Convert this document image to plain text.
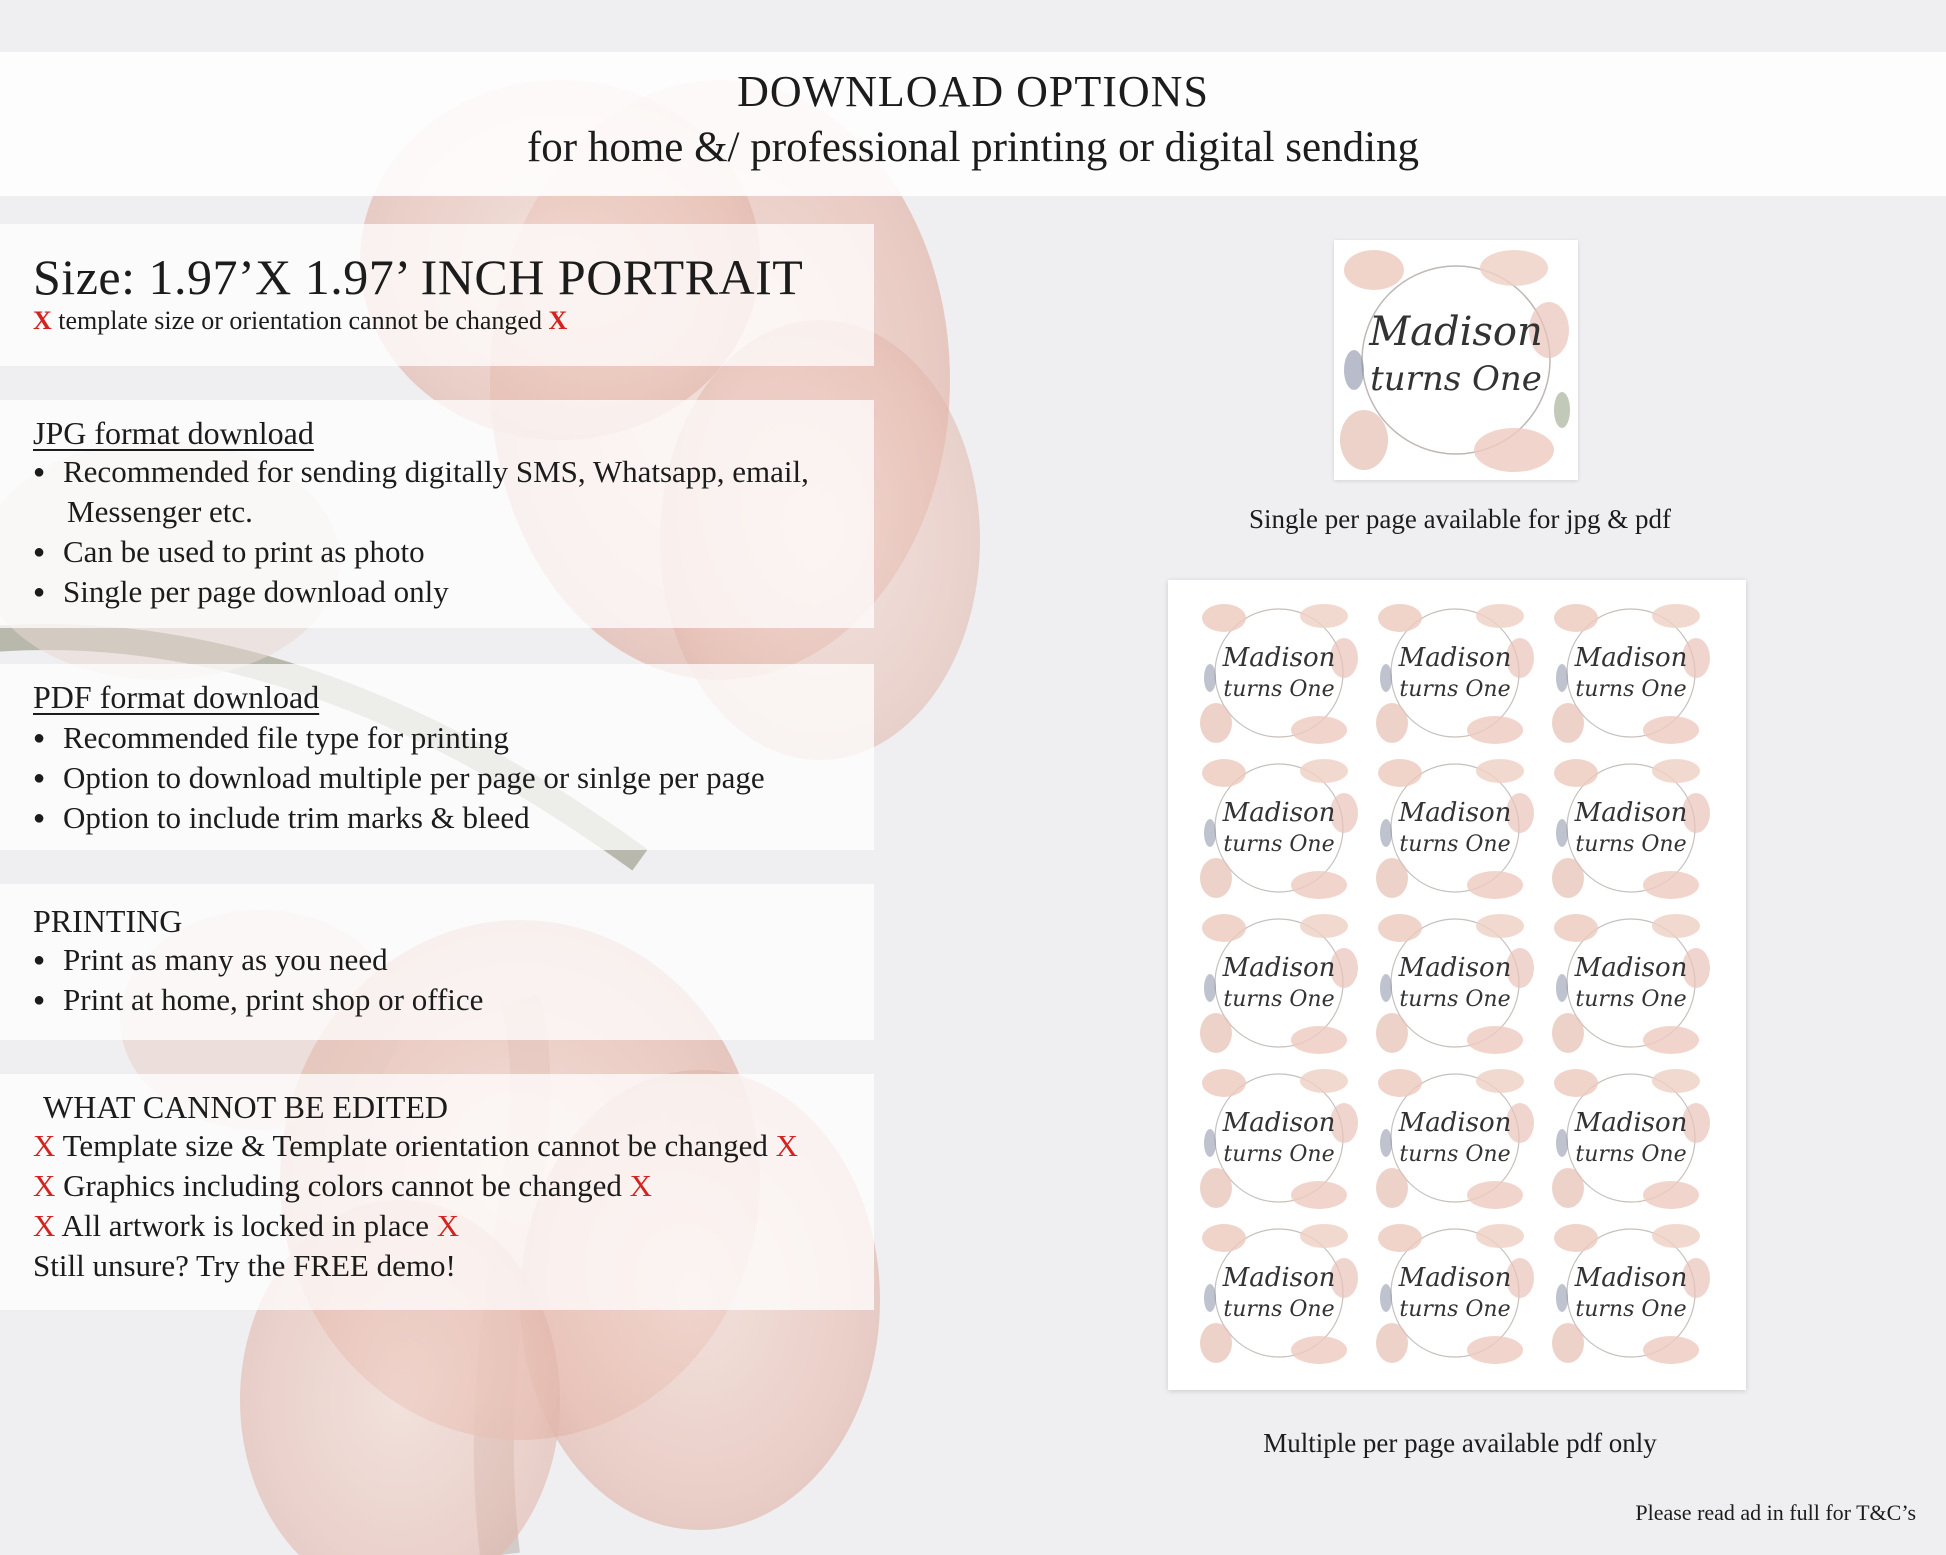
DOWNLOAD OPTIONS
for home &/ professional printing or digital sending
Size: 1.97’X 1.97’ INCH PORTRAIT
X template size or orientation cannot be changed X
JPG format download
● Recommended for sending digitally SMS, Whatsapp, email,
Messenger etc.
● Can be used to print as photo
● Single per page download only
PDF format download
● Recommended file type for printing
● Option to download multiple per page or sinlge per page
● Option to include trim marks & bleed
PRINTING
● Print as many as you need
● Print at home, print shop or office
WHAT CANNOT BE EDITED
X Template size & Template orientation cannot be changed X
X Graphics including colors cannot be changed X
X All artwork is locked in place X
Still unsure? Try the FREE demo!
Madison
turns One
Single per page available for jpg & pdf
Madison
turns One
Madison
turns One
Madison
turns One
Madison
turns One
Madison
turns One
Madison
turns One
Madison
turns One
Madison
turns One
Madison
turns One
Madison
turns One
Madison
turns One
Madison
turns One
Madison
turns One
Madison
turns One
Madison
turns One
Multiple per page available pdf only
Please read ad in full for T&C’s
